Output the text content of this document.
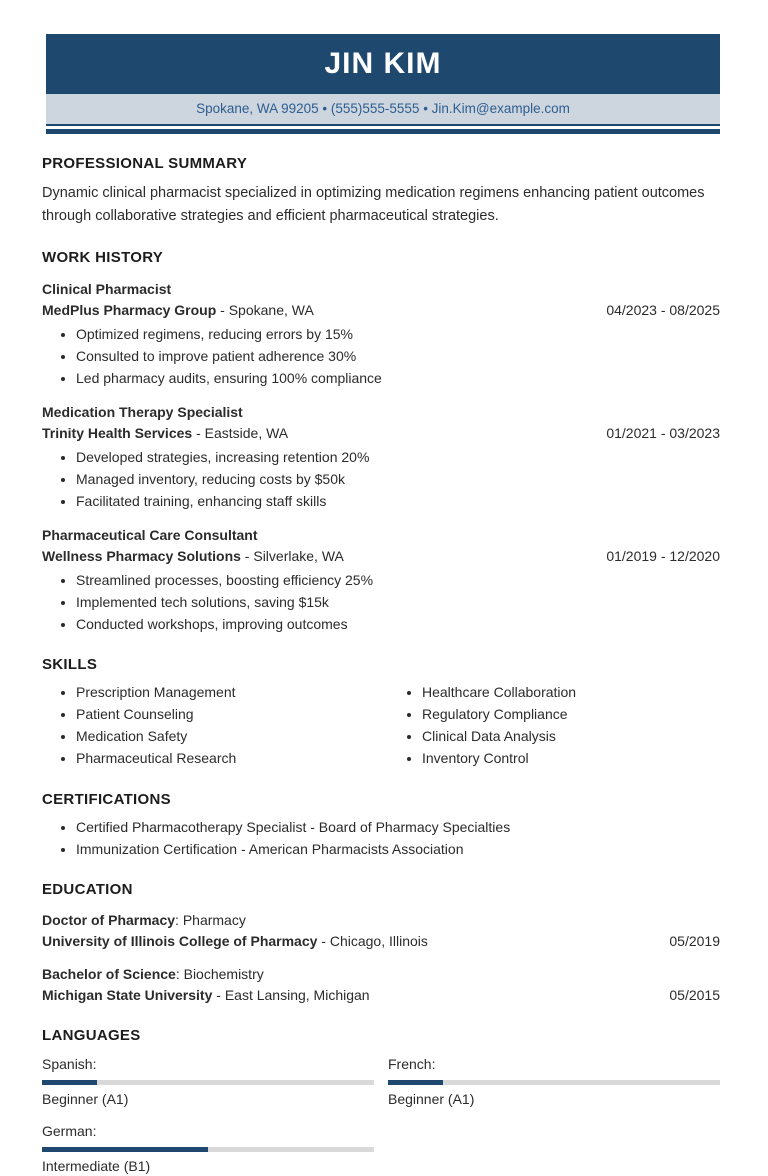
JIN KIM
Spokane, WA 99205 • (555)555-5555 • Jin.Kim@example.com
PROFESSIONAL SUMMARY

Dynamic clinical pharmacist specialized in optimizing medication regimens enhancing patient outcomes through collaborative strategies and efficient pharmaceutical strategies.

WORK HISTORY
Clinical Pharmacist
MedPlus Pharmacy Group - Spokane, WA	04/2023 - 08/2025
• Optimized regimens, reducing errors by 15%
• Consulted to improve patient adherence 30%
• Led pharmacy audits, ensuring 100% compliance
Medication Therapy Specialist
Trinity Health Services - Eastside, WA	01/2021 - 03/2023
• Developed strategies, increasing retention 20%
• Managed inventory, reducing costs by $50k
• Facilitated training, enhancing staff skills
Pharmaceutical Care Consultant
Wellness Pharmacy Solutions - Silverlake, WA	01/2019 - 12/2020
• Streamlined processes, boosting efficiency 25%
• Implemented tech solutions, saving $15k
• Conducted workshops, improving outcomes
SKILLS
• Prescription Management
• Patient Counseling
• Medication Safety
• Pharmaceutical Research
• Healthcare Collaboration
• Regulatory Compliance
• Clinical Data Analysis
• Inventory Control
CERTIFICATIONS
• Certified Pharmacotherapy Specialist - Board of Pharmacy Specialties
• Immunization Certification - American Pharmacists Association
EDUCATION
Doctor of Pharmacy: Pharmacy
University of Illinois College of Pharmacy - Chicago, Illinois	05/2019
Bachelor of Science: Biochemistry
Michigan State University - East Lansing, Michigan	05/2015
LANGUAGES
Spanish:
Beginner (A1)
French:
Beginner (A1)
German:
Intermediate (B1)
